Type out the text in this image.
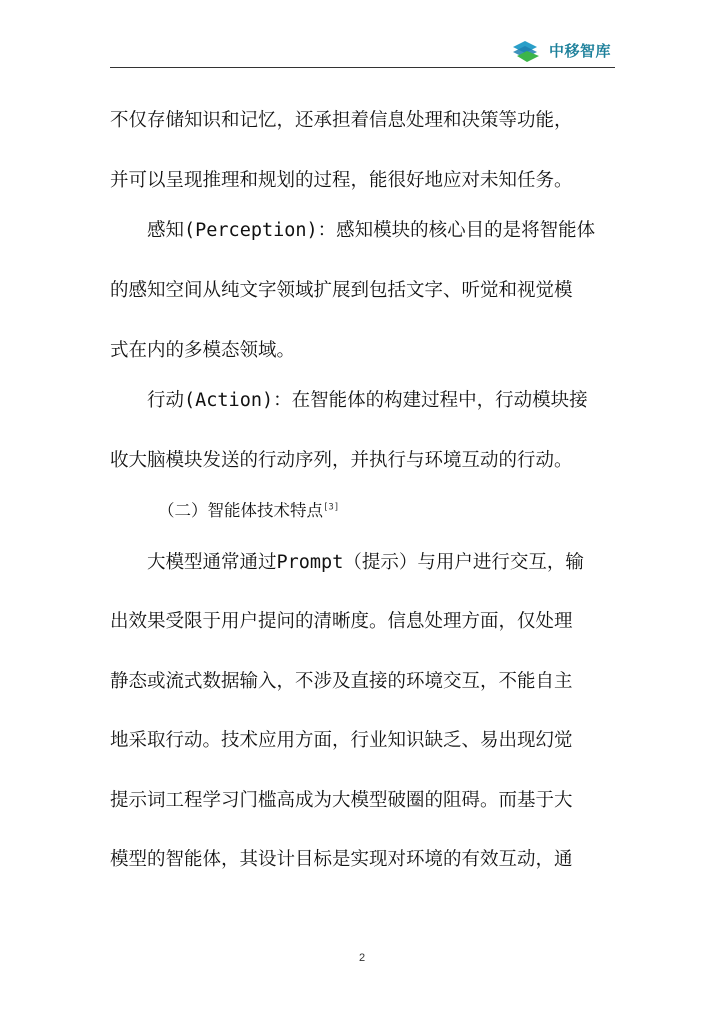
中移智库
不仅存储知识和记忆，还承担着信息处理和决策等功能，
并可以呈现推理和规划的过程，能很好地应对未知任务。
感知(Perception)：感知模块的核心目的是将智能体
的感知空间从纯文字领域扩展到包括文字、听觉和视觉模
式在内的多模态领域。
行动(Action)：在智能体的构建过程中，行动模块接
收大脑模块发送的行动序列，并执行与环境互动的行动。
（二）智能体技术特点[3]
大模型通常通过Prompt（提示）与用户进行交互，输
出效果受限于用户提问的清晰度。信息处理方面，仅处理
静态或流式数据输入，不涉及直接的环境交互，不能自主
地采取行动。技术应用方面，行业知识缺乏、易出现幻觉
提示词工程学习门槛高成为大模型破圈的阻碍。而基于大
模型的智能体，其设计目标是实现对环境的有效互动，通
2
